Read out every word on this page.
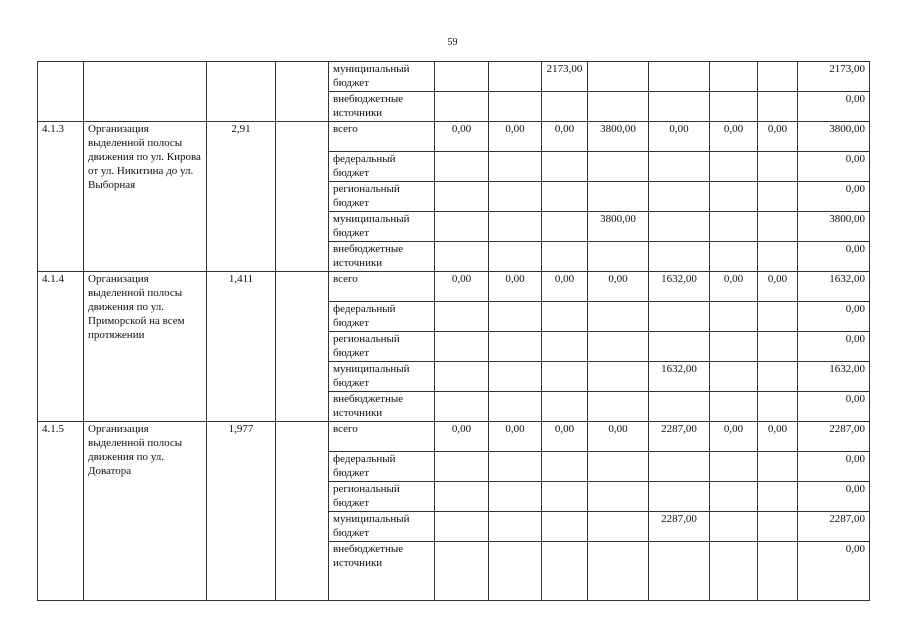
59
				муниципальный бюджет			2173,00					2173,00
				внебюджетные источники								0,00
4.1.3	Организация выделенной полосы движения по ул. Кирова от ул. Никитина до ул. Выборная	2,91		всего	0,00	0,00	0,00	3800,00	0,00	0,00	0,00	3800,00
				федеральный бюджет								0,00
				региональный бюджет								0,00
				муниципальный бюджет				3800,00				3800,00
				внебюджетные источники								0,00
4.1.4	Организация выделенной полосы движения по ул. Приморской на всем протяжении	1,411		всего	0,00	0,00	0,00	0,00	1632,00	0,00	0,00	1632,00
				федеральный бюджет								0,00
				региональный бюджет								0,00
				муниципальный бюджет					1632,00			1632,00
				внебюджетные источники								0,00
4.1.5	Организация выделенной полосы движения по ул. Доватора	1,977		всего	0,00	0,00	0,00	0,00	2287,00	0,00	0,00	2287,00
				федеральный бюджет								0,00
				региональный бюджет								0,00
				муниципальный бюджет					2287,00			2287,00
				внебюджетные источники								0,00
